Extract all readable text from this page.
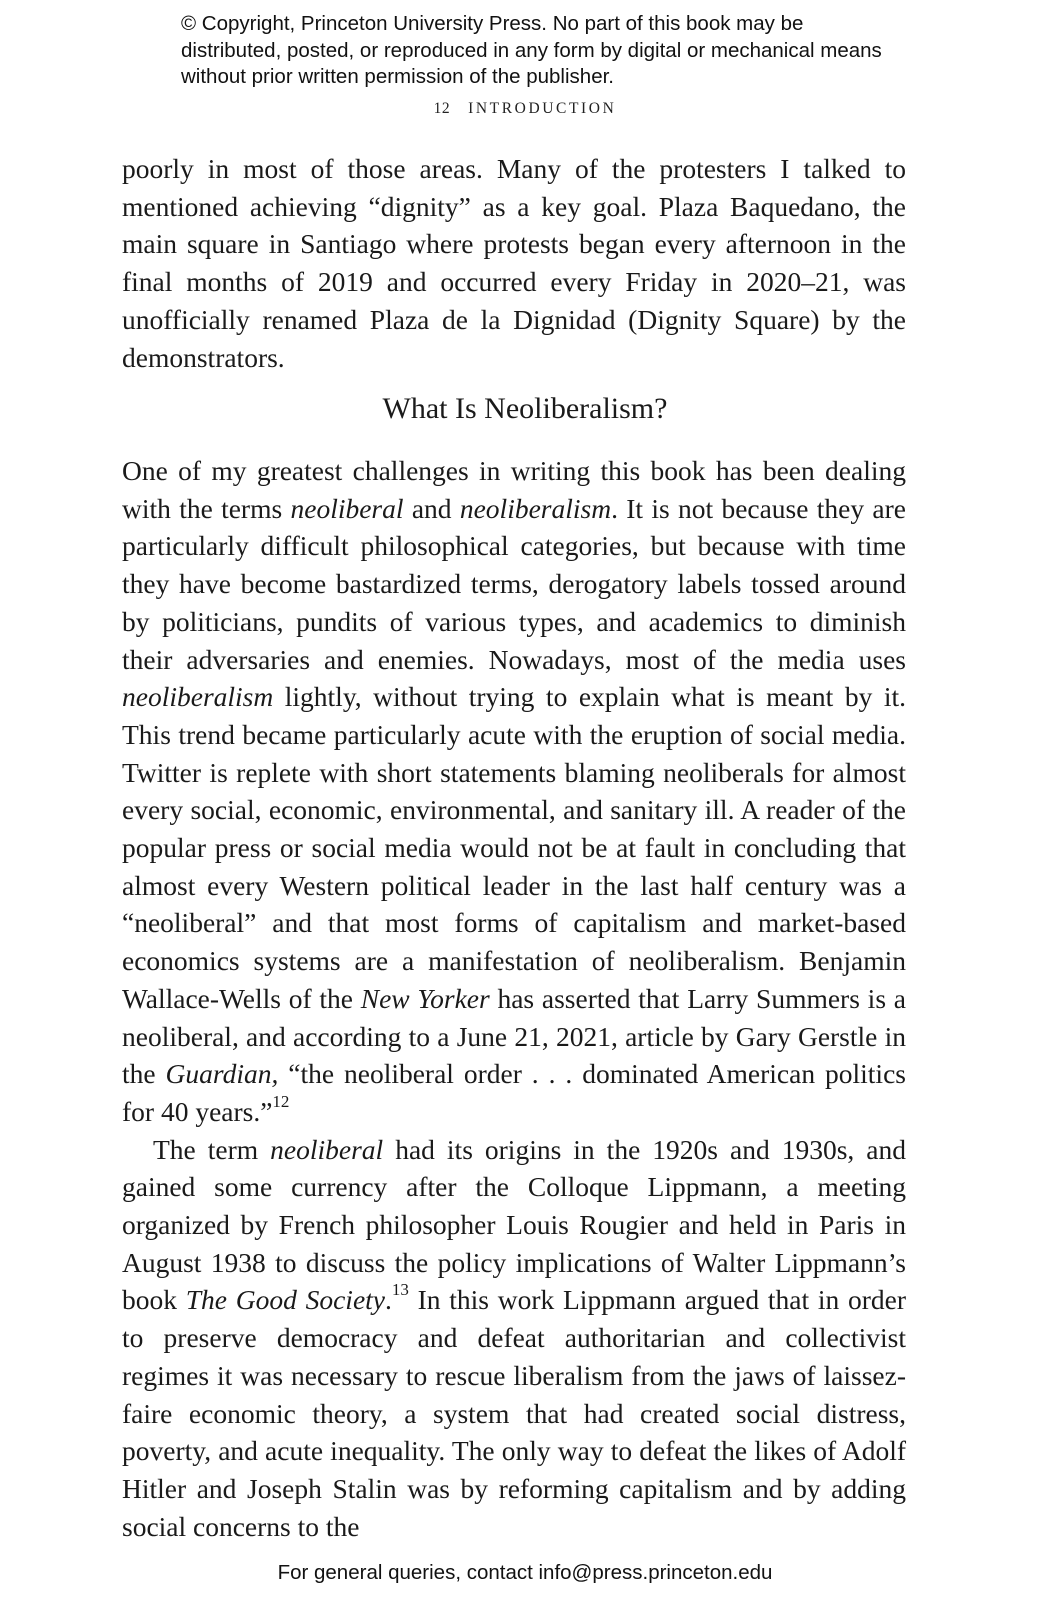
© Copyright, Princeton University Press. No part of this book may be distributed, posted, or reproduced in any form by digital or mechanical means without prior written permission of the publisher.
12 INTRODUCTION

poorly in most of those areas. Many of the protesters I talked to mentioned achieving “dignity” as a key goal. Plaza Baquedano, the main square in Santiago where protests began every afternoon in the final months of 2019 and occurred every Friday in 2020–21, was unofficially renamed Plaza de la Dignidad (Dignity Square) by the demonstrators.

What Is Neoliberalism?

One of my greatest challenges in writing this book has been dealing with the terms neoliberal and neoliberalism. It is not because they are particularly difficult philosophical categories, but because with time they have become bastardized terms, derogatory labels tossed around by politicians, pundits of various types, and academics to diminish their adversaries and enemies. Nowadays, most of the media uses neoliberalism lightly, without trying to explain what is meant by it. This trend became particularly acute with the eruption of social media. Twitter is replete with short statements blaming neoliberals for almost every social, economic, environmental, and sanitary ill. A reader of the popular press or social media would not be at fault in concluding that almost every Western political leader in the last half century was a “neoliberal” and that most forms of capitalism and market-based economics systems are a manifestation of neoliberalism. Benjamin Wallace-Wells of the New Yorker has asserted that Larry Summers is a neoliberal, and according to a June 21, 2021, article by Gary Gerstle in the Guardian, “the neoliberal order . . . dominated American politics for 40 years.”$^{12}$

The term neoliberal had its origins in the 1920s and 1930s, and gained some currency after the Colloque Lippmann, a meeting organized by French philosopher Louis Rougier and held in Paris in August 1938 to discuss the policy implications of Walter Lippmann’s book The Good Society.$^{13}$ In this work Lippmann argued that in order to preserve democracy and defeat authoritarian and collectivist regimes it was necessary to rescue liberalism from the jaws of laissez-faire economic theory, a system that had created social distress, poverty, and acute inequality. The only way to defeat the likes of Adolf Hitler and Joseph Stalin was by reforming capitalism and by adding social concerns to the

For general queries, contact info@press.princeton.edu
